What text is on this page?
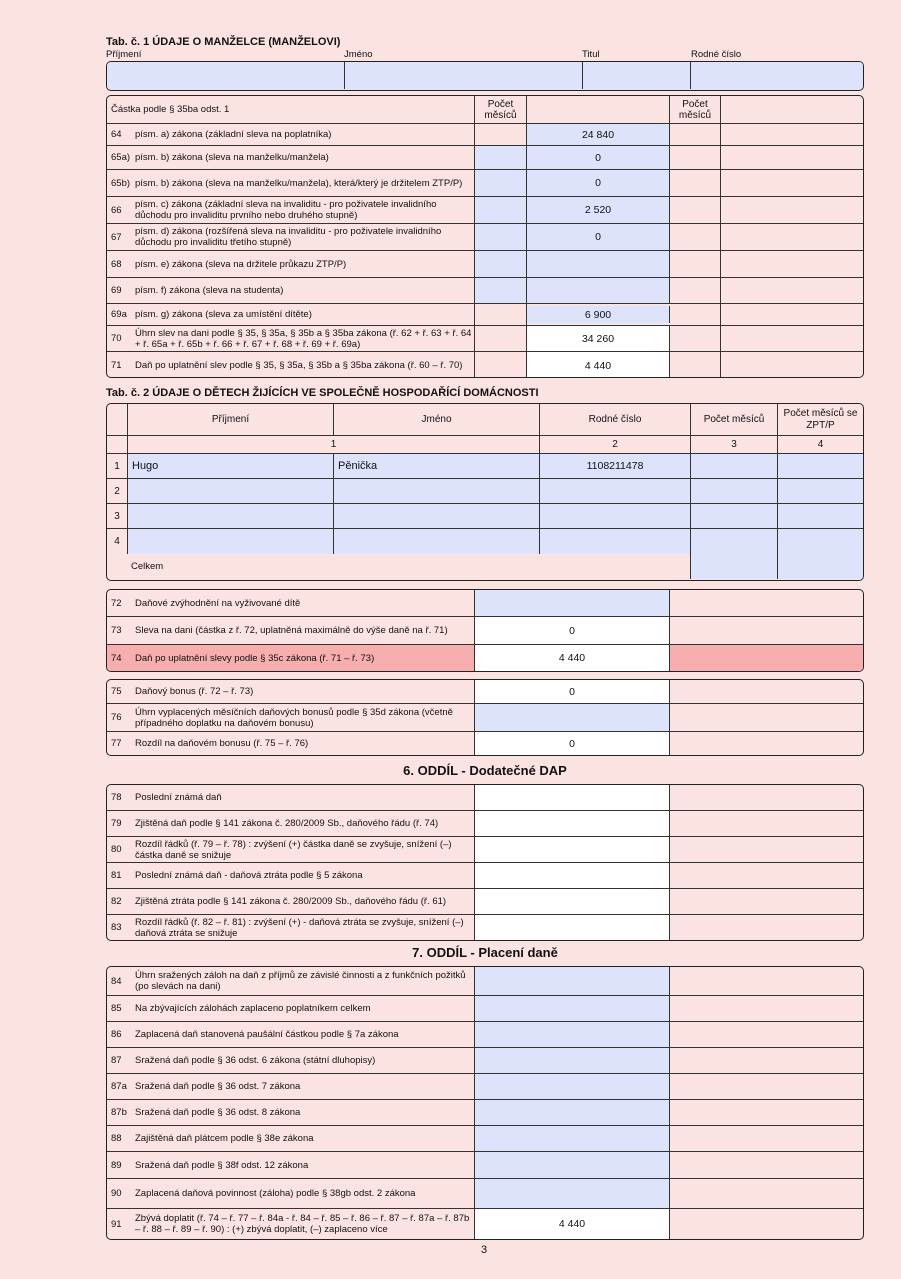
Tab. č. 1 ÚDAJE O MANŽELCE (MANŽELOVI)
Příjmení	Jméno	Titul	Rodné číslo
Částka podle § 35ba odst. 1	Počet měsíců
Počet měsíců
64	písm. a) zákona (základní sleva na poplatníka)	24 840
65a) písm. b) zákona (sleva na manželku/manžela)	0
65b) písm. b) zákona (sleva na manželku/manžela), která/který je držitelem ZTP/P)	0
66	písm. c) zákona (základní sleva na invaliditu - pro poživatele invalidního důchodu pro invaliditu prvního nebo druhého stupně)	2 520
67	písm. d) zákona (rozšířená sleva na invaliditu - pro poživatele invalidního důchodu pro invaliditu třetího stupně)	0
68	písm. e) zákona (sleva na držitele průkazu ZTP/P)
69	písm. f) zákona (sleva na studenta)
69a písm. g) zákona (sleva za umístění dítěte)	6 900
70	Úhrn slev na dani podle § 35, § 35a, § 35b a § 35ba zákona (ř. 62 + ř. 63 + ř. 64 + ř. 65a + ř. 65b + ř. 66 + ř. 67 + ř. 68 + ř. 69 + ř. 69a)	34 260
71	Daň po uplatnění slev podle § 35, § 35a, § 35b a § 35ba zákona (ř. 60 – ř. 70)	4 440
Tab. č. 2 ÚDAJE O DĚTECH ŽIJÍCÍCH VE SPOLEČNĚ HOSPODAŘÍCÍ DOMÁCNOSTI
Příjmení	Jméno	Rodné číslo	Počet měsíců
Počet měsíců se ZPT/P
1	2	3	4
1	Hugo	Pěnička	1108211478
2
3
4
Celkem
72	Daňové zvýhodnění na vyživované dítě
73	Sleva na dani (částka z ř. 72, uplatněná maximálně do výše daně na ř. 71)	0
74	Daň po uplatnění slevy podle § 35c zákona (ř. 71 – ř. 73)	4 440
75	Daňový bonus (ř. 72 – ř. 73)	0
76	Úhrn vyplacených měsíčních daňových bonusů podle § 35d zákona (včetně případného doplatku na daňovém bonusu)
77	Rozdíl na daňovém bonusu (ř. 75 – ř. 76)	0
6. ODDÍL - Dodatečné DAP
78	Poslední známá daň
79	Zjištěná daň podle § 141 zákona č. 280/2009 Sb., daňového řádu (ř. 74)
80	Rozdíl řádků (ř. 79 – ř. 78) : zvýšení (+) částka daně se zvyšuje, snížení (–) částka daně se snižuje
81	Poslední známá daň - daňová ztráta podle § 5 zákona
82	Zjištěná ztráta podle § 141 zákona č. 280/2009 Sb., daňového řádu (ř. 61)
83	Rozdíl řádků (ř. 82 – ř. 81) : zvýšení (+) - daňová ztráta se zvyšuje, snížení (–) daňová ztráta se snižuje
7. ODDÍL - Placení daně
84	Úhrn sražených záloh na daň z příjmů ze závislé činnosti a z funkčních požitků (po slevách na dani)
85	Na zbývajících zálohách zaplaceno poplatníkem celkem
86	Zaplacená daň stanovená paušální částkou podle § 7a zákona
87	Sražená daň podle § 36 odst. 6 zákona (státní dluhopisy)
87a Sražená daň podle § 36 odst. 7 zákona
87b Sražená daň podle § 36 odst. 8 zákona
88	Zajištěná daň plátcem podle § 38e zákona
89	Sražená daň podle § 38f odst. 12 zákona
90	Zaplacená daňová povinnost (záloha) podle § 38gb odst. 2 zákona
91	Zbývá doplatit (ř. 74 – ř. 77 – ř. 84a - ř. 84 – ř. 85 – ř. 86 – ř. 87 – ř. 87a – ř. 87b – ř. 88 – ř. 89 – ř. 90) : (+) zbývá doplatit, (–) zaplaceno více	4 440
3
